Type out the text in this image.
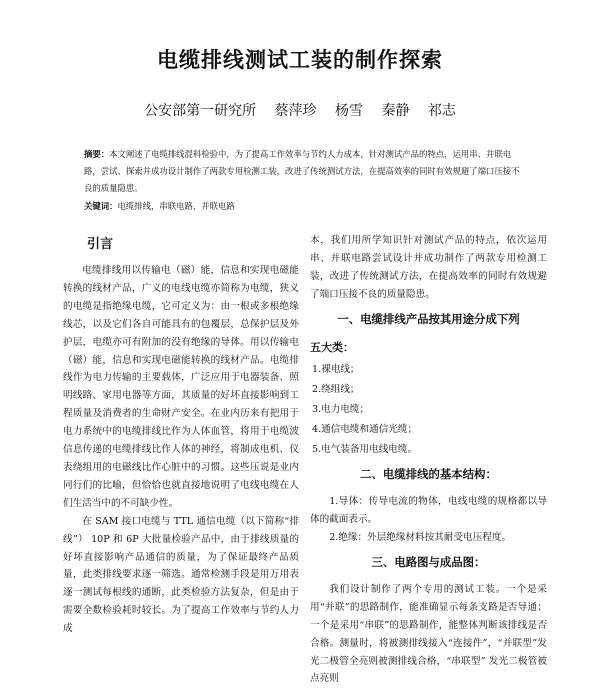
电缆排线测试工装的制作探索
公安部第一研究所 蔡萍珍 杨雪 秦静 祁志
摘要：本文阐述了电缆排线混料检验中，为了提高工作效率与节约人力成本，针对测试产品的特点，运用串、并联电路，尝试、探索并成功设计制作了两款专用检测工装，改进了传统测试方法，在提高效率的同时有效规避了端口压接不良的质量隐患。
关键词：电缆排线，串联电路，并联电路
引言

电缆排线用以传输电（磁）能，信息和实现电磁能转换的线材产品，广义的电线电缆亦简称为电缆，狭义的电缆是指绝缘电缆，它可定义为：由一根或多根绝缘线芯，以及它们各自可能具有的包覆层，总保护层及外护层，电缆亦可有附加的没有绝缘的导体。用以传输电（磁）能，信息和实现电磁能转换的线材产品。电缆排线作为电力传输的主要载体，广泛应用于电器装备、照明线路、家用电器等方面，其质量的好坏直接影响到工程质量及消费者的生命财产安全。在业内历来有把用于电力系统中的电缆排线比作为人体血管，将用于电缆波信息传递的电缆排线比作人体的神经，将制成电机、仪表绕组用的电磁线比作心脏中的习惯。这些压说是业内同行们的比喻，但恰恰也就直接地说明了电线电缆在人们生活当中的不可缺少性。

在 SAM 接口电缆与 TTL 通信电缆（以下简称“排线”） 10P 和 6P 大批量检验产品中，由于排线质量的好坏直接影响产品通信的质量，为了保证最终产品质量，此类排线要求逐一筛选。通常检测手段是用万用表逐一测试每根线的通断，此类检验方法复杂，但是由于需要全数检验耗时较长。为了提高工作效率与节约人力成

本，我们用所学知识针对测试产品的特点，依次运用串、并联电路尝试设计并成功制作了两款专用检测工装，改进了传统测试方法，在提高效率的同时有效规避了端口压接不良的质量隐患。

一、电缆排线产品按其用途分成下列
五大类：
1.裸电线；
2.绕组线；
3.电力电缆；
4.通信电缆和通信光缆；
5.电气装备用电线电缆。
二、电缆排线的基本结构：

1.导体：传导电流的物体，电线电缆的规格都以导体的截面表示。

2.绝缘：外层绝缘材料按其耐受电压程度。

三、电路图与成品图：

我们设计制作了两个专用的测试工装。一个是采用“并联”的思路制作，能准确显示每条支路是否导通；一个是采用“串联”的思路制作，能整体判断该排线是否合格。测量时，将被测排线接入“连接件”，“并联型”发光二极管全亮则被测排线合格，“串联型” 发光二极管被点亮则
